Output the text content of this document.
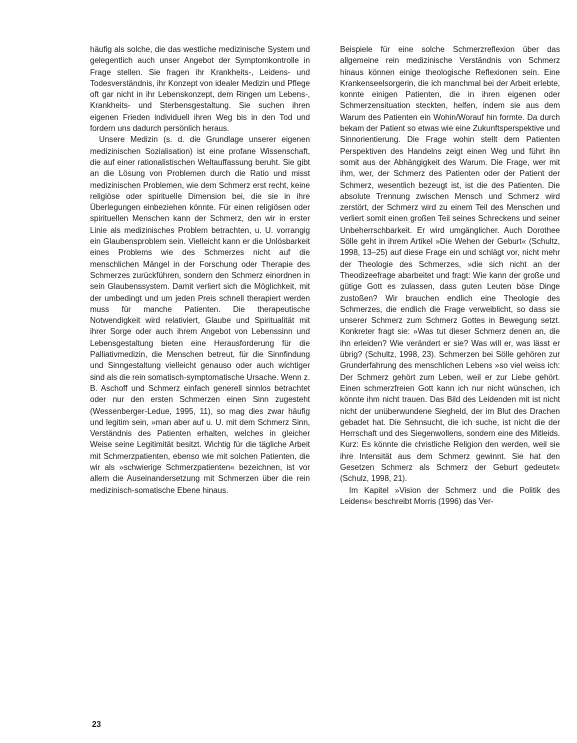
häufig als solche, die das westliche medizinische System und gelegentlich auch unser Angebot der Symptomkontrolle in Frage stellen. Sie fragen ihr Krankheits-, Leidens- und Todesverständnis, ihr Konzept von idealer Medizin und Pflege oft gar nicht in ihr Lebenskonzept, dem Ringen um Lebens-, Krankheits- und Sterbensgestaltung. Sie suchen ihren eigenen Frieden individuell ihren Weg bis in den Tod und fordern uns dadurch persönlich heraus.

Unsere Medizin (s. d. die Grundlage unserer eigenen medizinischen Sozialisation) ist eine profane Wissenschaft, die auf einer rationalistischen Weltauffassung beruht. Sie gibt an die Lösung von Problemen durch die Ratio und misst medizinischen Problemen, wie dem Schmerz erst recht, keine religiöse oder spirituelle Dimension bei, die sie in ihre Überlegungen einbeziehen könnte. Für einen religiösen oder spirituellen Menschen kann der Schmerz, den wir in erster Linie als medizinisches Problem betrachten, u. U. vorrangig ein Glaubensproblem sein. Vielleicht kann er die Unlösbarkeit eines Problems wie des Schmerzes nicht auf die menschlichen Mängel in der Forschung oder Therapie des Schmerzes zurückführen, sondern den Schmerz einordnen in sein Glaubenssystem. Damit verliert sich die Möglichkeit, mit der umbedingt und um jeden Preis schnell therapiert werden muss für manche Patienten. Die therapeutische Notwendigkeit wird relativiert, Glaube und Spiritualität mit ihrer Sorge oder auch ihrem Angebot von Lebenssinn und Lebensgestaltung bieten eine Herausforderung für die Palliativmedizin, die Menschen betreut, für die Sinnfindung und Sinngestaltung vielleicht genauso oder auch wichtiger sind als die rein somatisch-symptomatische Ursache. Wenn z. B. Aschoff und Schmerz einfach generell sinnlos betrachtet oder nur den ersten Schmerzen einen Sinn zugesteht (Wessenberger-Ledue, 1995, 11), so mag dies zwar häufig und legitim sein, »man aber auf u. U. mit dem Schmerz Sinn, Verständnis des Patienten erhalten, welches in gleicher Weise seine Legitimität besitzt. Wichtig für die tägliche Arbeit mit Schmerzpatienten, ebenso wie mit solchen Patienten, die wir als »schwierige Schmerzpatienten« bezeichnen, ist vor allem die Auseinandersetzung mit Schmerzen über die rein medizinisch-somatische Ebene hinaus.

Beispiele für eine solche Schmerzreflexion über das allgemeine rein medizinische Verständnis von Schmerz hinaus können einige theologische Reflexionen sein. Eine Krankenseelsorgerin, die ich manchmal bei der Arbeit erlebte, konnte einigen Patienten, die in ihren eigenen oder Schmerzensituation steckten, helfen, indem sie aus dem Warum des Patienten ein Wohin/Worauf hin formte. Da durch bekam der Patient so etwas wie eine Zukunftsperspektive und Sinnorientierung. Die Frage wohin stellt dem Patienten Perspektiven des Handelns zeigt einen Weg und führt ihn somit aus der Abhängigkeit des Warum. Die Frage, wer mit ihm, wer, der Schmerz des Patienten oder der Patient der Schmerz, wesentlich bezeugt ist, ist die des Patienten. Die absolute Trennung zwischen Mensch und Schmerz wird zerstört, der Schmerz wird zu einem Teil des Menschen und verliert somit einen großen Teil seines Schreckens und seiner Unbeherrschbarkeit. Er wird umgänglicher. Auch Dorothee Sölle geht in ihrem Artikel »Die Wehen der Geburt« (Schultz, 1998, 13–25) auf diese Frage ein und schlägt vor, nicht mehr der Theologie des Schmerzes, »die sich nicht an der Theodizeefrage abarbeitet und fragt: Wie kann der große und gütige Gott es zulassen, dass guten Leuten böse Dinge zustoßen? Wir brauchen endlich eine Theologie des Schmerzes, die endlich die Frage verweiblicht, so dass sie unserer Schmerz zum Schmerz Gottes in Bewegung setzt. Konkreter fragt sie: »Was tut dieser Schmerz denen an, die ihn erleiden? Wie verändert er sie? Was will er, was lässt er übrig? (Schultz, 1998, 23). Schmerzen bei Sölle gehören zur Grunderfahrung des menschlichen Lebens »so viel weiss ich: Der Schmerz gehört zum Leben, weil er zur Liebe gehört. Einen schmerzfreien Gott kann ich nur nicht wünschen, ich könnte ihm nicht trauen. Das Bild des Leidenden mit ist nicht nicht der unüberwundene Siegheld, der im Blut des Drachen gebadet hat. Die Sehnsucht, die ich suche, ist nicht die der Herrschaft und des Siegenwollens, sondern eine des Mitleids. Kurz: Es könnte die christliche Religion den werden, weil sie ihre Intensität aus dem Schmerz gewinnt. Sie hat den Gesetzen Schmerz als Schmerz der Geburt gedeutet« (Schulz, 1998, 21).

Im Kapitel »Vision der Schmerz und die Politik des Leidens« beschreibt Morris (1996) das Ver-

23
